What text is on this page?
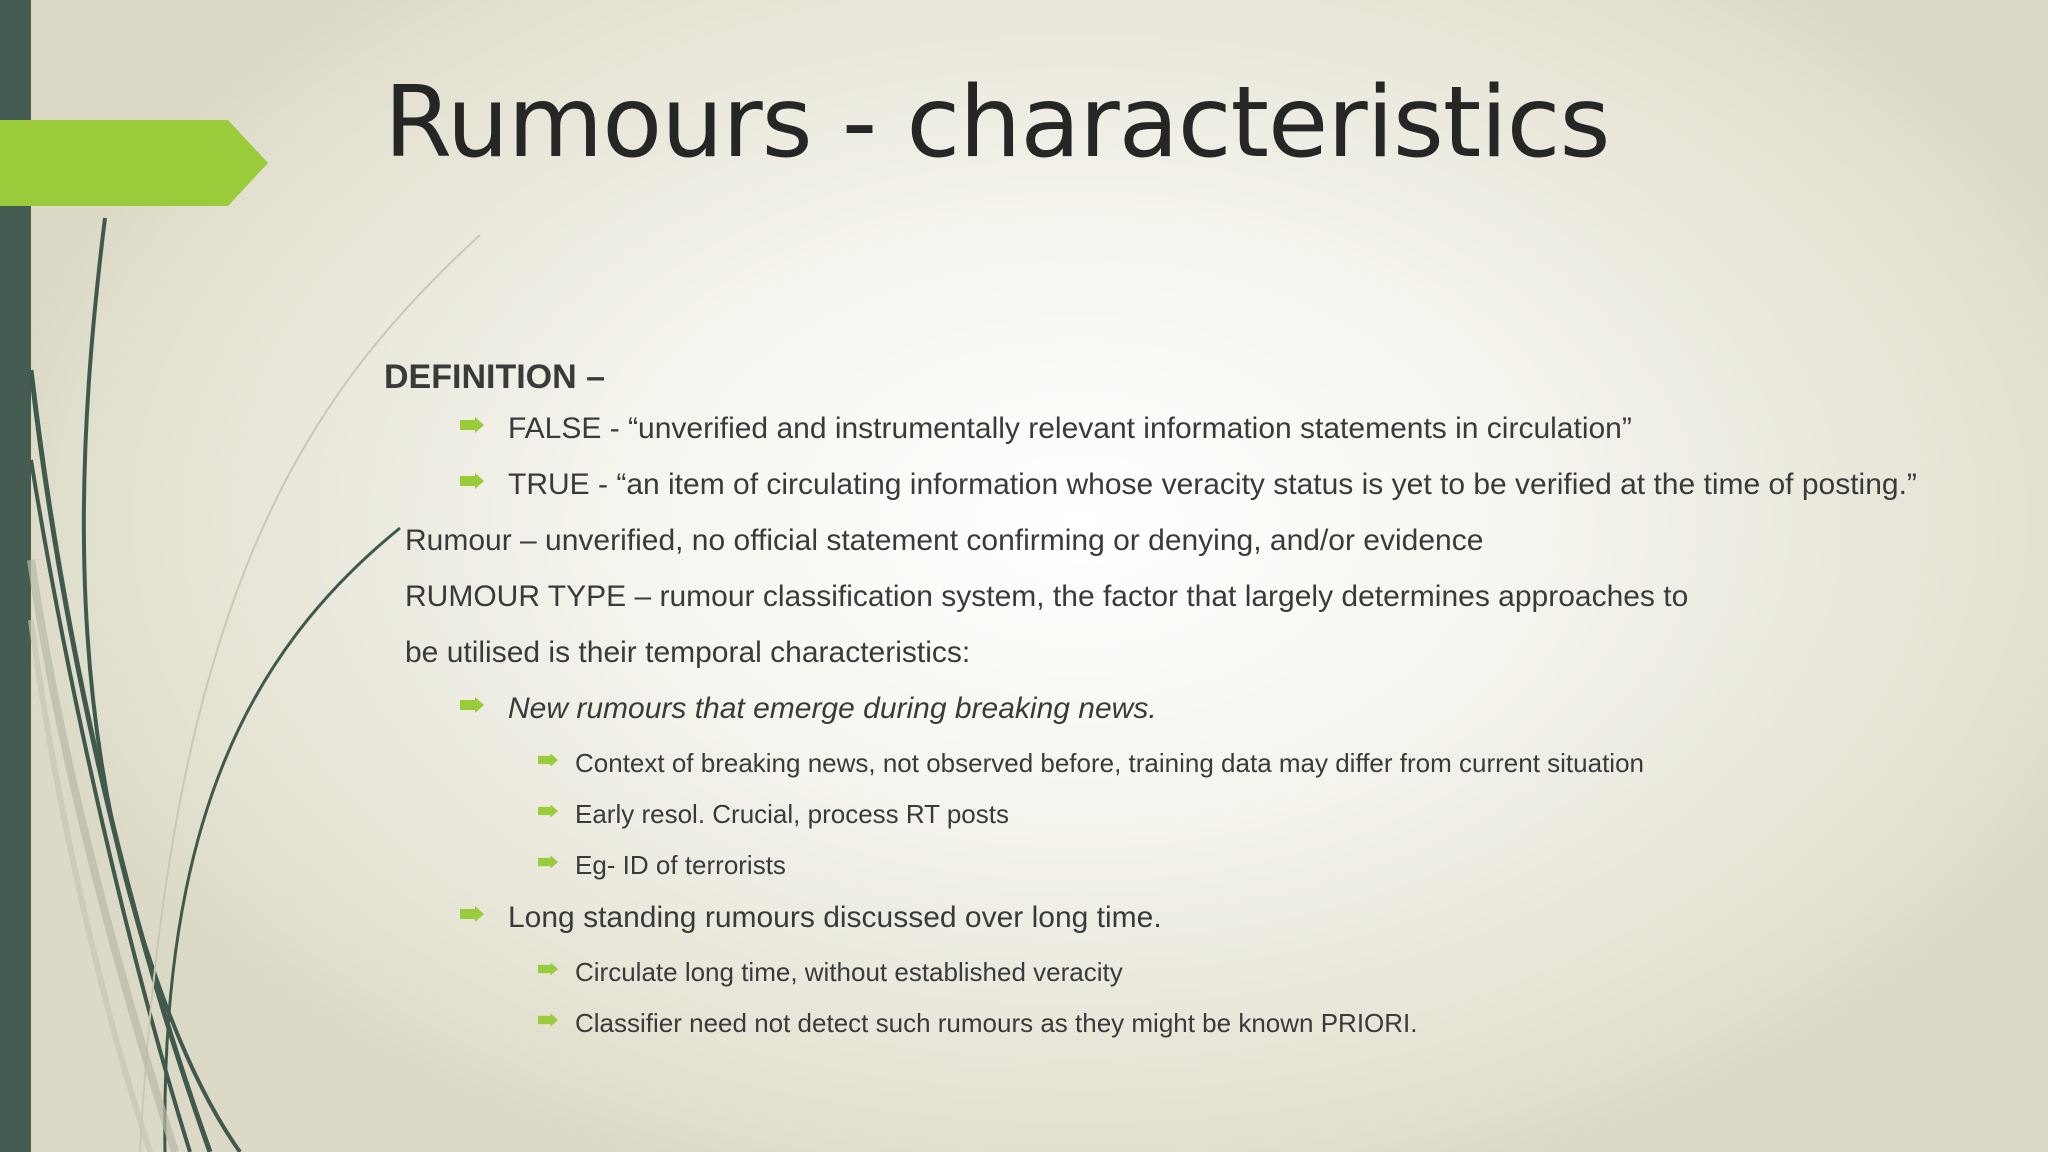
Rumours - characteristics
DEFINITION –
FALSE - “unverified and instrumentally relevant information statements in circulation”
TRUE - “an item of circulating information whose veracity status is yet to be verified at the time of posting.”
Rumour – unverified, no official statement confirming or denying, and/or evidence
RUMOUR TYPE – rumour classification system, the factor that largely determines approaches to
be utilised is their temporal characteristics:
New rumours that emerge during breaking news.
Context of breaking news, not observed before, training data may differ from current situation
Early resol. Crucial, process RT posts
Eg- ID of terrorists
Long standing rumours discussed over long time.
Circulate long time, without established veracity
Classifier need not detect such rumours as they might be known PRIORI.
